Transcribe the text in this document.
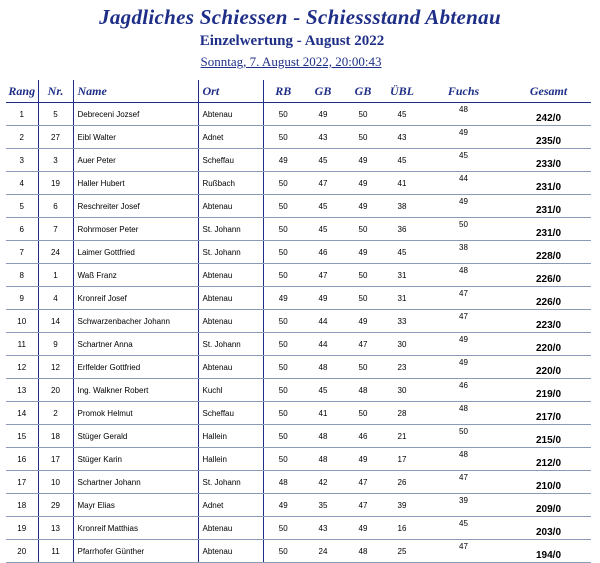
Jagdliches Schiessen - Schiessstand Abtenau
Einzelwertung - August 2022
Sonntag, 7. August 2022, 20:00:43
Rang	Nr.	Name	Ort	RB	GB	GB	ÜBL	Fuchs	Gesamt
1	5	Debreceni Jozsef	Abtenau	50	49	50	45	48	242/0
2	27	Eibl Walter	Adnet	50	43	50	43	49	235/0
3	3	Auer Peter	Scheffau	49	45	49	45	45	233/0
4	19	Haller Hubert	Rußbach	50	47	49	41	44	231/0
5	6	Reschreiter Josef	Abtenau	50	45	49	38	49	231/0
6	7	Rohrmoser Peter	St. Johann	50	45	50	36	50	231/0
7	24	Laimer Gottfried	St. Johann	50	46	49	45	38	228/0
8	1	Waß Franz	Abtenau	50	47	50	31	48	226/0
9	4	Kronreif Josef	Abtenau	49	49	50	31	47	226/0
10	14	Schwarzenbacher Johann	Abtenau	50	44	49	33	47	223/0
11	9	Schartner Anna	St. Johann	50	44	47	30	49	220/0
12	12	Erlfelder Gottfried	Abtenau	50	48	50	23	49	220/0
13	20	Ing. Walkner Robert	Kuchl	50	45	48	30	46	219/0
14	2	Promok Helmut	Scheffau	50	41	50	28	48	217/0
15	18	Stüger Gerald	Hallein	50	48	46	21	50	215/0
16	17	Stüger Karin	Hallein	50	48	49	17	48	212/0
17	10	Schartner Johann	St. Johann	48	42	47	26	47	210/0
18	29	Mayr Elias	Adnet	49	35	47	39	39	209/0
19	13	Kronreif Matthias	Abtenau	50	43	49	16	45	203/0
20	11	Pfarrhofer Günther	Abtenau	50	24	48	25	47	194/0
